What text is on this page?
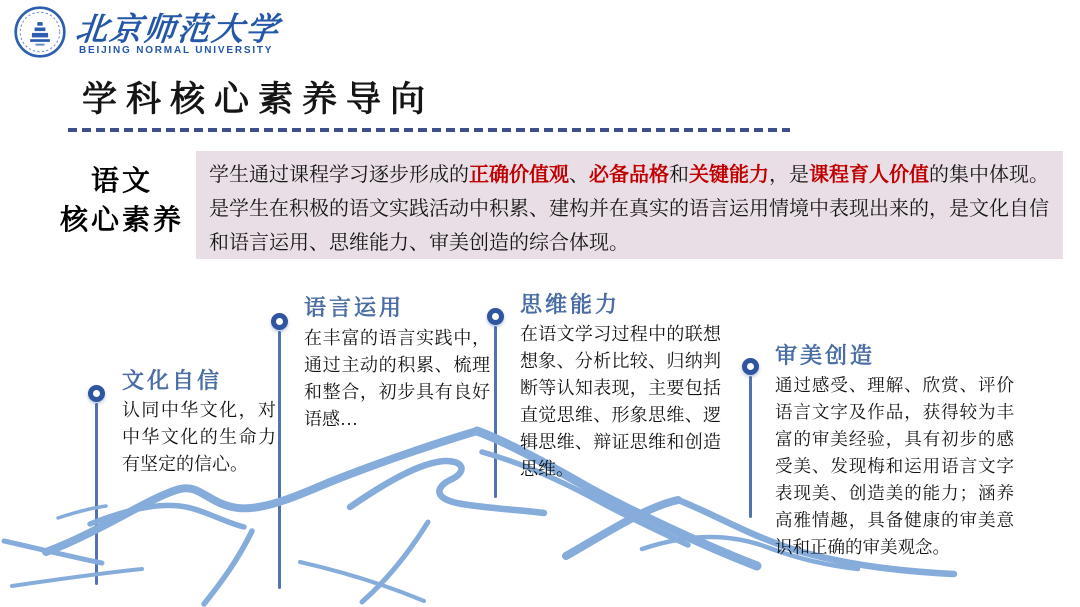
北京师范大学
BEIJING NORMAL UNIVERSITY
学科核心素养导向
语文
核心素养

学生通过课程学习逐步形成的正确价值观、必备品格和关键能力，是课程育人价值的集中体现。

是学生在积极的语文实践活动中积累、建构并在真实的语言运用情境中表现出来的，是文化自信

和语言运用、思维能力、审美创造的综合体现。

文化自信

认同中华文化，对中华文化的生命力有坚定的信心。

语言运用

在丰富的语言实践中，通过主动的积累、梳理和整合，初步具有良好语感…

思维能力

在语文学习过程中的联想想象、分析比较、归纳判断等认知表现，主要包括直觉思维、形象思维、逻辑思维、辩证思维和创造思维。

审美创造

通过感受、理解、欣赏、评价语言文字及作品，获得较为丰富的审美经验，具有初步的感受美、发现梅和运用语言文字表现美、创造美的能力；涵养高雅情趣，具备健康的审美意识和正确的审美观念。
